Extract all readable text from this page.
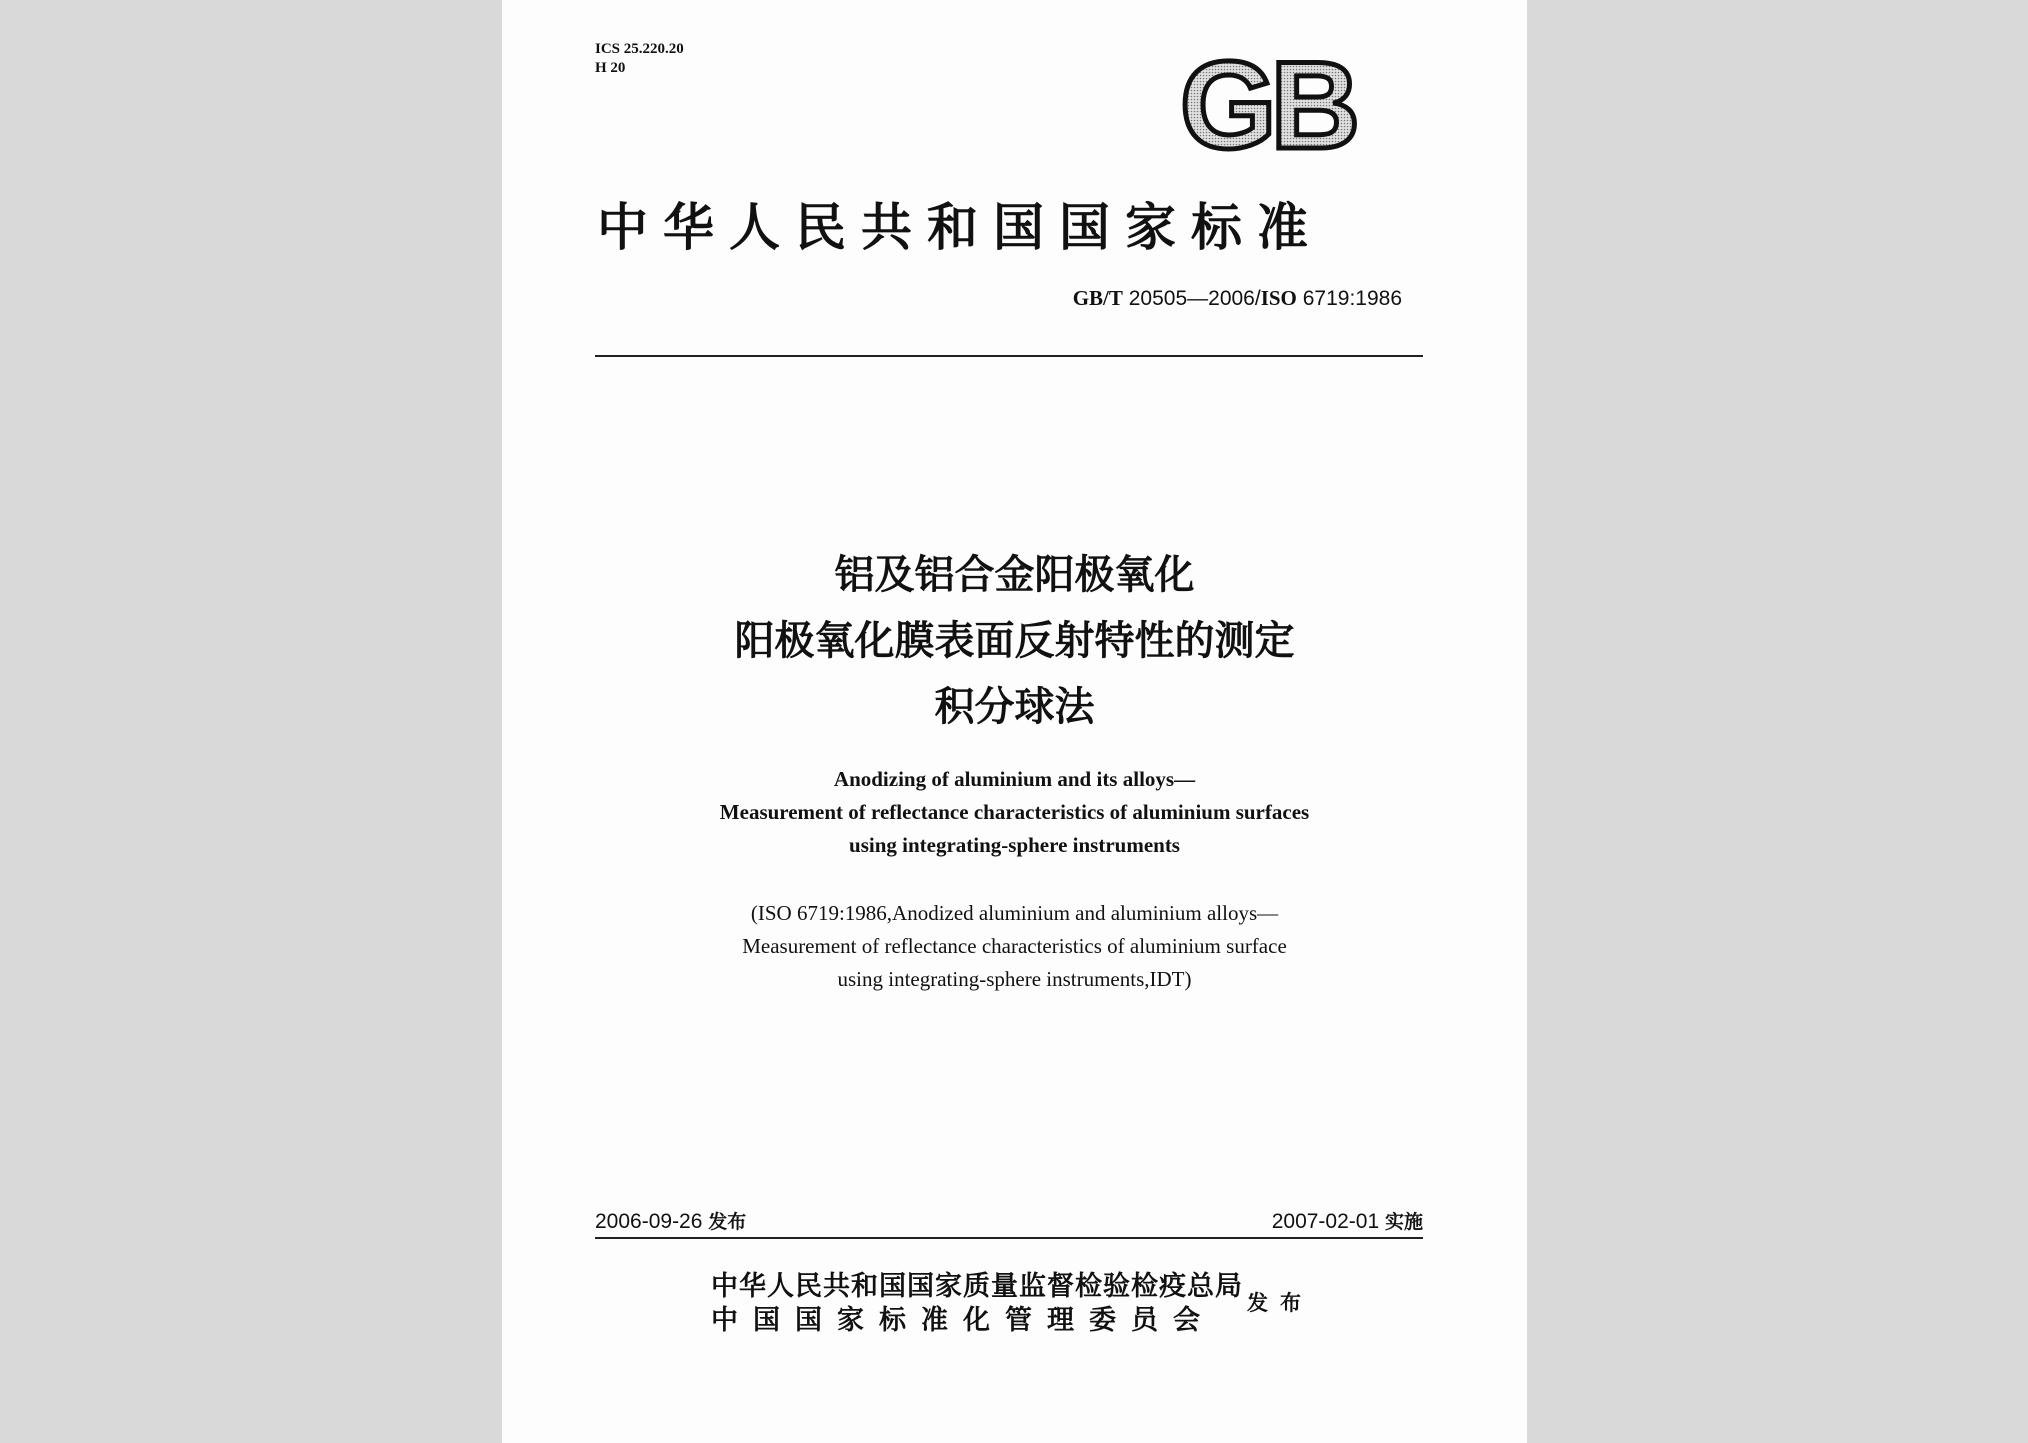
ICS 25.220.20
H 20	GB
中华人民共和国国家标准
GB/T 20505—2006/ISO 6719:1986
铝及铝合金阳极氧化
阳极氧化膜表面反射特性的测定
积分球法
Anodizing of aluminium and its alloys—
Measurement of reflectance characteristics of aluminium surfaces
using integrating-sphere instruments
(ISO 6719:1986,Anodized aluminium and aluminium alloys—
Measurement of reflectance characteristics of aluminium surface
using integrating-sphere instruments,IDT)
2006-09-26 发布	2007-02-01 实施
中华人民共和国国家质量监督检验检疫总局
中国国家标准化管理委员会
发布
